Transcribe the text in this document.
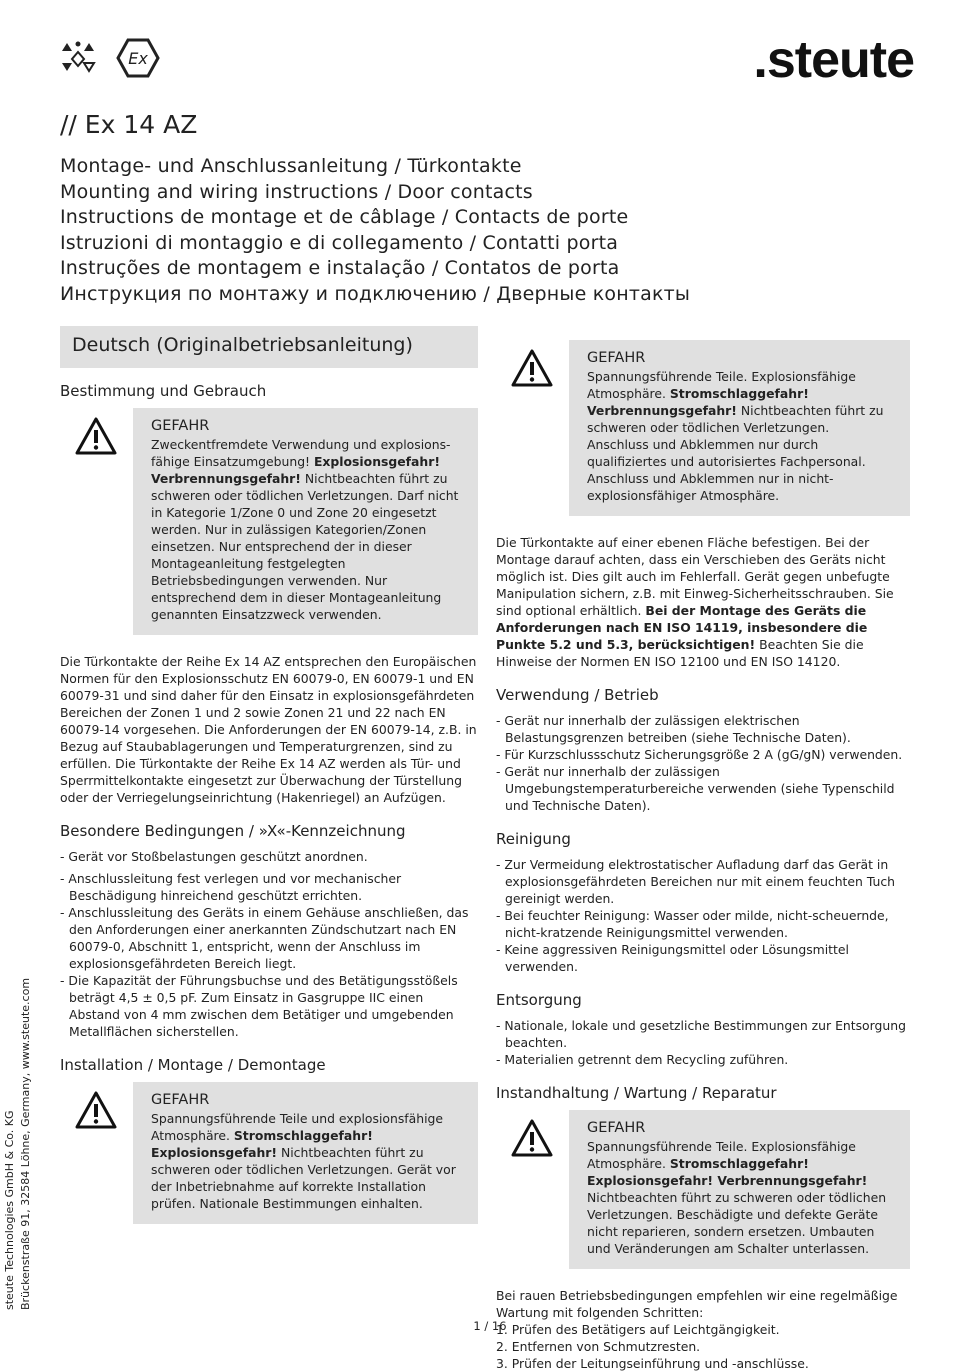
Ex	.steute
// Ex 14 AZ
Montage- und Anschlussanleitung / Türkontakte
Mounting and wiring instructions / Door contacts
Instructions de montage et de câblage / Contacts de porte
Istruzioni di montaggio e di collegamento / Contatti porta
Instruções de montagem e instalação / Contatos de porta
Инструкция по монтажу и подключению / Дверные контакты
Deutsch (Originalbetriebsanleitung)
Bestimmung und Gebrauch
GEFAHR

Zweckentfremdete Verwendung und explosions-fähige Einsatzumgebung! Explosionsgefahr! Verbrennungsgefahr! Nichtbeachten führt zu schweren oder tödlichen Verletzungen. Darf nicht in Kategorie 1/Zone 0 und Zone 20 eingesetzt werden. Nur in zulässigen Kategorien/Zonen einsetzen. Nur entsprechend der in dieser Montageanleitung festgelegten Betriebsbedingungen verwenden. Nur entsprechend dem in dieser Montageanleitung genannten Einsatzzweck verwenden.

Die Türkontakte der Reihe Ex 14 AZ entsprechen den Europäischen Normen für den Explosionsschutz EN 60079-0, EN 60079-1 und EN 60079-31 und sind daher für den Einsatz in explosionsgefährdeten Bereichen der Zonen 1 und 2 sowie Zonen 21 und 22 nach EN 60079-14 vorgesehen. Die Anforderungen der EN 60079-14, z.B. in Bezug auf Staubablagerungen und Temperaturgrenzen, sind zu erfüllen. Die Türkontakte der Reihe Ex 14 AZ werden als Tür- und Sperrmittelkontakte eingesetzt zur Überwachung der Türstellung oder der Verriegelungseinrichtung (Hakenriegel) an Aufzügen.

Besondere Bedingungen / »X«-Kennzeichnung
- Gerät vor Stoßbelastungen geschützt anordnen.
- Anschlussleitung fest verlegen und vor mechanischer Beschädigung hinreichend geschützt errichten.
- Anschlussleitung des Geräts in einem Gehäuse anschließen, das den Anforderungen einer anerkannten Zündschutzart nach EN 60079-0, Abschnitt 1, entspricht, wenn der Anschluss im explosionsgefährdeten Bereich liegt.
- Die Kapazität der Führungsbuchse und des Betätigungsstößels beträgt 4,5 ± 0,5 pF. Zum Einsatz in Gasgruppe IIC einen Abstand von 4 mm zwischen dem Betätiger und umgebenden Metallflächen sicherstellen.
Installation / Montage / Demontage
GEFAHR

Spannungsführende Teile und explosionsfähige Atmosphäre. Stromschlaggefahr! Explosionsgefahr! Nichtbeachten führt zu schweren oder tödlichen Verletzungen. Gerät vor der Inbetriebnahme auf korrekte Installation prüfen. Nationale Bestimmungen einhalten.

GEFAHR

Spannungsführende Teile. Explosionsfähige Atmosphäre. Stromschlaggefahr! Verbrennungsgefahr! Nichtbeachten führt zu schweren oder tödlichen Verletzungen. Anschluss und Abklemmen nur durch qualifiziertes und autorisiertes Fachpersonal. Anschluss und Abklemmen nur in nicht-explosionsfähiger Atmosphäre.

Die Türkontakte auf einer ebenen Fläche befestigen. Bei der Montage darauf achten, dass ein Verschieben des Geräts nicht möglich ist. Dies gilt auch im Fehlerfall. Gerät gegen unbefugte Manipulation sichern, z.B. mit Einweg-Sicherheitsschrauben. Sie sind optional erhältlich. Bei der Montage des Geräts die Anforderungen nach EN ISO 14119, insbesondere die Punkte 5.2 und 5.3, berücksichtigen! Beachten Sie die Hinweise der Normen EN ISO 12100 und EN ISO 14120.

Verwendung / Betrieb
- Gerät nur innerhalb der zulässigen elektrischen Belastungsgrenzen betreiben (siehe Technische Daten).
- Für Kurzschlussschutz Sicherungsgröße 2 A (gG/gN) verwenden.
- Gerät nur innerhalb der zulässigen Umgebungstemperaturbereiche verwenden (siehe Typenschild und Technische Daten).
Reinigung
- Zur Vermeidung elektrostatischer Aufladung darf das Gerät in explosionsgefährdeten Bereichen nur mit einem feuchten Tuch gereinigt werden.
- Bei feuchter Reinigung: Wasser oder milde, nicht-scheuernde, nicht-kratzende Reinigungsmittel verwenden.
- Keine aggressiven Reinigungsmittel oder Lösungsmittel verwenden.
Entsorgung
- Nationale, lokale und gesetzliche Bestimmungen zur Entsorgung beachten.
- Materialien getrennt dem Recycling zuführen.
Instandhaltung / Wartung / Reparatur
GEFAHR

Spannungsführende Teile. Explosionsfähige Atmosphäre. Stromschlaggefahr! Explosionsgefahr! Verbrennungsgefahr! Nichtbeachten führt zu schweren oder tödlichen Verletzungen. Beschädigte und defekte Geräte nicht reparieren, sondern ersetzen. Umbauten und Veränderungen am Schalter unterlassen.

Bei rauen Betriebsbedingungen empfehlen wir eine regelmäßige Wartung mit folgenden Schritten:

1. Prüfen des Betätigers auf Leichtgängigkeit.
2. Entfernen von Schmutzresten.
3. Prüfen der Leitungseinführung und -anschlüsse.
steute Technologies GmbH & Co. KG Brückenstraße 91, 32584 Löhne, Germany, www.steute.com
1 / 16
